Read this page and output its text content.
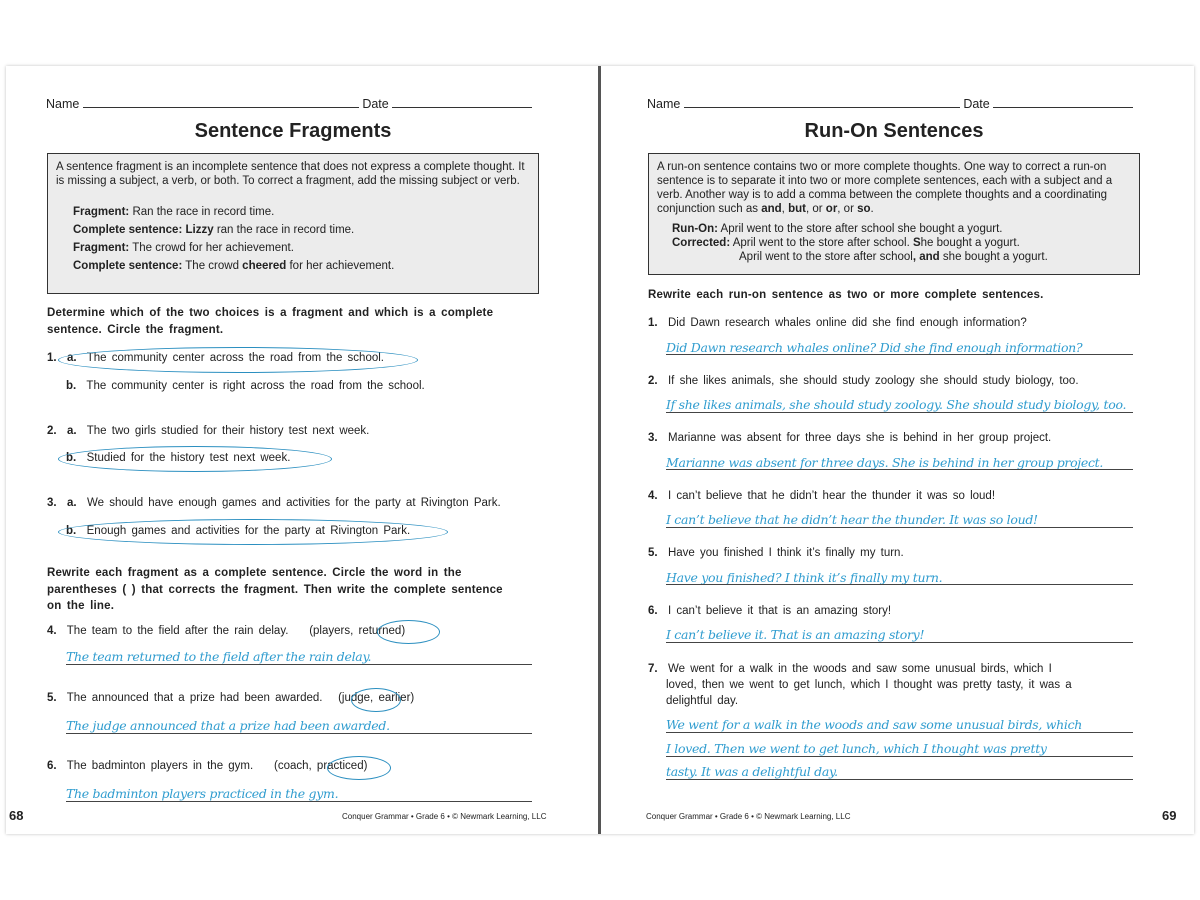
Name	Date
Sentence Fragments
A sentence fragment is an incomplete sentence that does not express a complete thought. It is missing a subject, a verb, or both. To correct a fragment, add the missing subject or verb.
Fragment: Ran the race in record time.
Complete sentence: Lizzy ran the race in record time.
Fragment: The crowd for her achievement.
Complete sentence: The crowd cheered for her achievement.
Determine which of the two choices is a fragment and which is a complete sentence. Circle the fragment.
1. a. The community center across the road from the school.
b. The community center is right across the road from the school.
2. a. The two girls studied for their history test next week.
b. Studied for the history test next week.
3. a. We should have enough games and activities for the party at Rivington Park.
b. Enough games and activities for the party at Rivington Park.
Rewrite each fragment as a complete sentence. Circle the word in the parentheses ( ) that corrects the fragment. Then write the complete sentence on the line.
4. The team to the field after the rain delay. (players, returned)
The team returned to the field after the rain delay.
5. The announced that a prize had been awarded. (judge, earlier)
The judge announced that a prize had been awarded.
6. The badminton players in the gym. (coach, practiced)
The badminton players practiced in the gym.
68	Conquer Grammar • Grade 6 • © Newmark Learning, LLC
Name	Date
Run-On Sentences
A run-on sentence contains two or more complete thoughts. One way to correct a run-on sentence is to separate it into two or more complete sentences, each with a subject and a verb. Another way is to add a comma between the complete thoughts and a coordinating conjunction such as and, but, or or, or so.
Run-On: April went to the store after school she bought a yogurt.
Corrected: April went to the store after school. She bought a yogurt.
April went to the store after school, and she bought a yogurt.
Rewrite each run-on sentence as two or more complete sentences.
1. Did Dawn research whales online did she find enough information?
Did Dawn research whales online? Did she find enough information?
2. If she likes animals, she should study zoology she should study biology, too.
If she likes animals, she should study zoology. She should study biology, too.
3. Marianne was absent for three days she is behind in her group project.
Marianne was absent for three days. She is behind in her group project.
4. I can’t believe that he didn’t hear the thunder it was so loud!
I can’t believe that he didn’t hear the thunder. It was so loud!
5. Have you finished I think it’s finally my turn.
Have you finished? I think it’s finally my turn.
6. I can’t believe it that is an amazing story!
I can’t believe it. That is an amazing story!
7. We went for a walk in the woods and saw some unusual birds, which I
loved, then we went to get lunch, which I thought was pretty tasty, it was a
delightful day.
We went for a walk in the woods and saw some unusual birds, which
I loved. Then we went to get lunch, which I thought was pretty
tasty. It was a delightful day.
Conquer Grammar • Grade 6 • © Newmark Learning, LLC	69
